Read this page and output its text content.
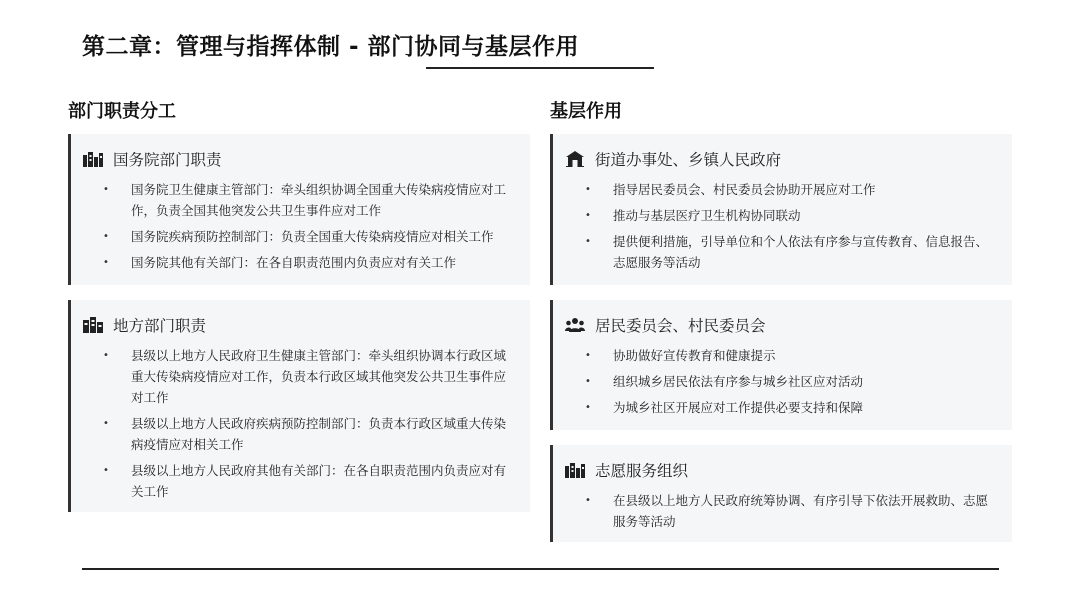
第二章：管理与指挥体制 - 部门协同与基层作用
部门职责分工
国务院部门职责
• 国务院卫生健康主管部门：牵头组织协调全国重大传染病疫情应对工作，负责全国其他突发公共卫生事件应对工作
• 国务院疾病预防控制部门：负责全国重大传染病疫情应对相关工作
• 国务院其他有关部门：在各自职责范围内负责应对有关工作
地方部门职责
• 县级以上地方人民政府卫生健康主管部门：牵头组织协调本行政区域重大传染病疫情应对工作，负责本行政区域其他突发公共卫生事件应对工作
• 县级以上地方人民政府疾病预防控制部门：负责本行政区域重大传染病疫情应对相关工作
• 县级以上地方人民政府其他有关部门：在各自职责范围内负责应对有关工作
基层作用
街道办事处、乡镇人民政府
• 指导居民委员会、村民委员会协助开展应对工作
• 推动与基层医疗卫生机构协同联动
• 提供便利措施，引导单位和个人依法有序参与宣传教育、信息报告、志愿服务等活动
居民委员会、村民委员会
• 协助做好宣传教育和健康提示
• 组织城乡居民依法有序参与城乡社区应对活动
• 为城乡社区开展应对工作提供必要支持和保障
志愿服务组织
• 在县级以上地方人民政府统筹协调、有序引导下依法开展救助、志愿服务等活动
